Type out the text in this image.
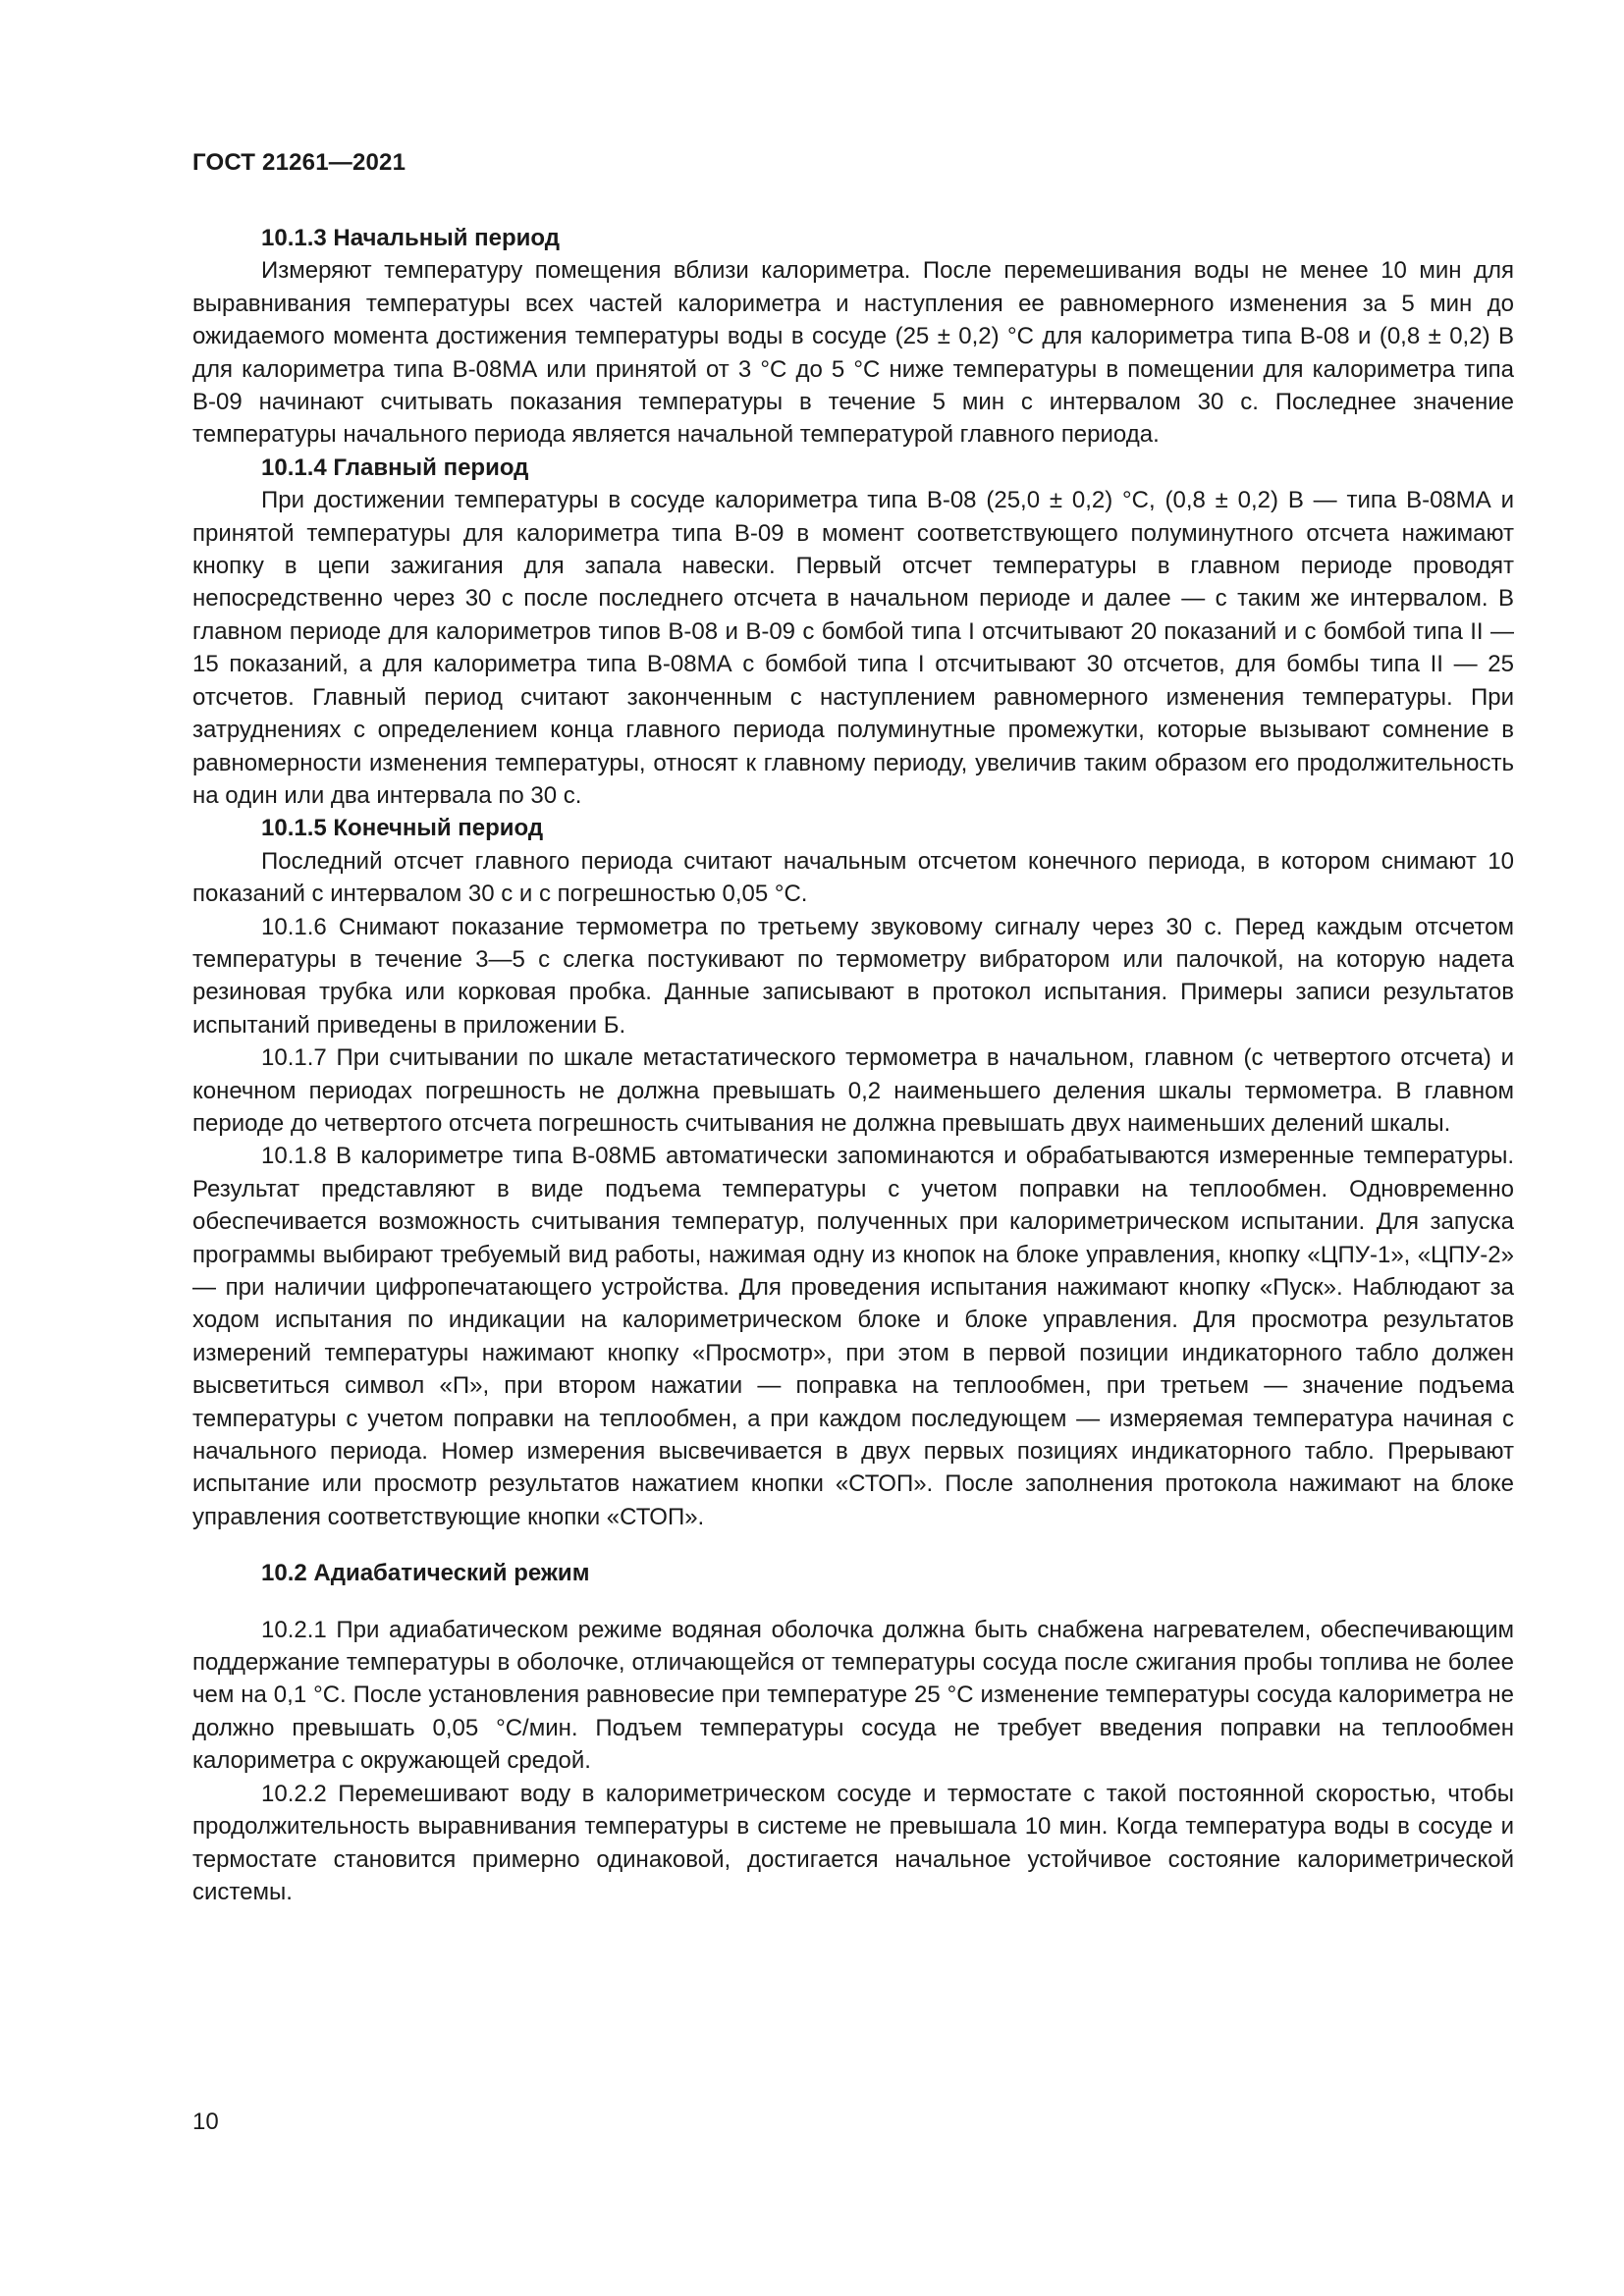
ГОСТ 21261—2021
10.1.3 Начальный период

Измеряют температуру помещения вблизи калориметра. После перемешивания воды не менее 10 мин для выравнивания температуры всех частей калориметра и наступления ее равномерного изменения за 5 мин до ожидаемого момента достижения температуры воды в сосуде (25 ± 0,2) °С для калориметра типа В-08 и (0,8 ± 0,2) В для калориметра типа В-08МА или принятой от 3 °С до 5 °С ниже температуры в помещении для калориметра типа В-09 начинают считывать показания температуры в течение 5 мин с интервалом 30 с. Последнее значение температуры начального периода является начальной температурой главного периода.

10.1.4 Главный период

При достижении температуры в сосуде калориметра типа В-08 (25,0 ± 0,2) °С, (0,8 ± 0,2) В — типа В-08МА и принятой температуры для калориметра типа В-09 в момент соответствующего полуминутного отсчета нажимают кнопку в цепи зажигания для запала навески. Первый отсчет температуры в главном периоде проводят непосредственно через 30 с после последнего отсчета в начальном периоде и далее — с таким же интервалом. В главном периоде для калориметров типов В-08 и В-09 с бомбой типа I отсчитывают 20 показаний и с бомбой типа II — 15 показаний, а для калориметра типа В-08МА с бомбой типа I отсчитывают 30 отсчетов, для бомбы типа II — 25 отсчетов. Главный период считают законченным с наступлением равномерного изменения температуры. При затруднениях с определением конца главного периода полуминутные промежутки, которые вызывают сомнение в равномерности изменения температуры, относят к главному периоду, увеличив таким образом его продолжительность на один или два интервала по 30 с.

10.1.5 Конечный период

Последний отсчет главного периода считают начальным отсчетом конечного периода, в котором снимают 10 показаний с интервалом 30 с и с погрешностью 0,05 °С.

10.1.6 Снимают показание термометра по третьему звуковому сигналу через 30 с. Перед каждым отсчетом температуры в течение 3—5 с слегка постукивают по термометру вибратором или палочкой, на которую надета резиновая трубка или корковая пробка. Данные записывают в протокол испытания. Примеры записи результатов испытаний приведены в приложении Б.

10.1.7 При считывании по шкале метастатического термометра в начальном, главном (с четвертого отсчета) и конечном периодах погрешность не должна превышать 0,2 наименьшего деления шкалы термометра. В главном периоде до четвертого отсчета погрешность считывания не должна превышать двух наименьших делений шкалы.

10.1.8 В калориметре типа В-08МБ автоматически запоминаются и обрабатываются измеренные температуры. Результат представляют в виде подъема температуры с учетом поправки на теплообмен. Одновременно обеспечивается возможность считывания температур, полученных при калориметрическом испытании. Для запуска программы выбирают требуемый вид работы, нажимая одну из кнопок на блоке управления, кнопку «ЦПУ-1», «ЦПУ-2» — при наличии цифропечатающего устройства. Для проведения испытания нажимают кнопку «Пуск». Наблюдают за ходом испытания по индикации на калориметрическом блоке и блоке управления. Для просмотра результатов измерений температуры нажимают кнопку «Просмотр», при этом в первой позиции индикаторного табло должен высветиться символ «П», при втором нажатии — поправка на теплообмен, при третьем — значение подъема температуры с учетом поправки на теплообмен, а при каждом последующем — измеряемая температура начиная с начального периода. Номер измерения высвечивается в двух первых позициях индикаторного табло. Прерывают испытание или просмотр результатов нажатием кнопки «СТОП». После заполнения протокола нажимают на блоке управления соответствующие кнопки «СТОП».

10.2 Адиабатический режим

10.2.1 При адиабатическом режиме водяная оболочка должна быть снабжена нагревателем, обеспечивающим поддержание температуры в оболочке, отличающейся от температуры сосуда после сжигания пробы топлива не более чем на 0,1 °С. После установления равновесие при температуре 25 °С изменение температуры сосуда калориметра не должно превышать 0,05 °С/мин. Подъем температуры сосуда не требует введения поправки на теплообмен калориметра с окружающей средой.

10.2.2 Перемешивают воду в калориметрическом сосуде и термостате с такой постоянной скоростью, чтобы продолжительность выравнивания температуры в системе не превышала 10 мин. Когда температура воды в сосуде и термостате становится примерно одинаковой, достигается начальное устойчивое состояние калориметрической системы.

10
